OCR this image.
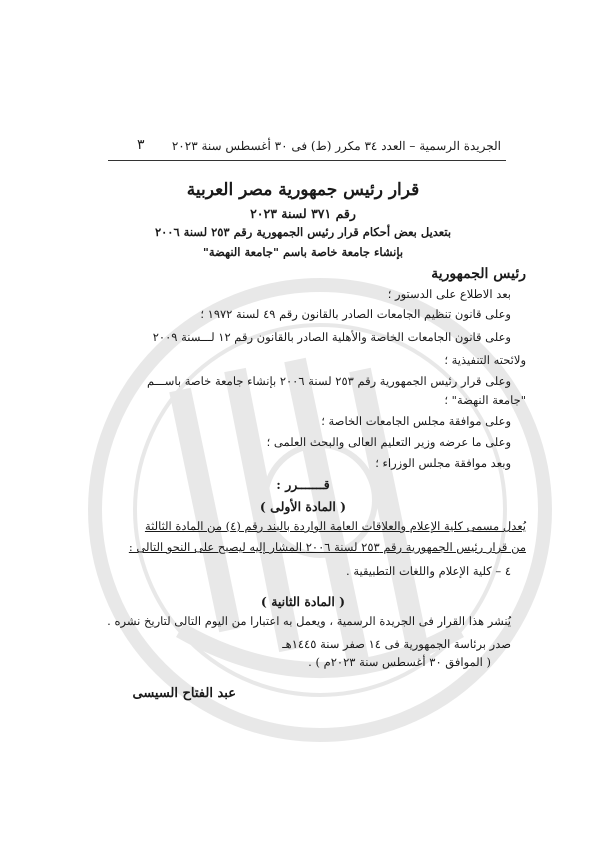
٣ الجريدة الرسمية – العدد ٣٤ مكرر (ط) فى ٣٠ أغسطس سنة ٢٠٢٣
قرار رئيس جمهورية مصر العربية
رقم ٣٧١ لسنة ٢٠٢٣
بتعديل بعض أحكام قرار رئيس الجمهورية رقم ٢٥٣ لسنة ٢٠٠٦
بإنشاء جامعة خاصة باسم "جامعة النهضة"
رئيس الجمهورية
بعد الاطلاع على الدستور ؛
وعلى قانون تنظيم الجامعات الصادر بالقانون رقم ٤٩ لسنة ١٩٧٢ ؛
وعلى قانون الجامعات الخاصة والأهلية الصادر بالقانون رقم ١٢ لـــسنة ٢٠٠٩
ولائحته التنفيذية ؛
وعلى قرار رئيس الجمهورية رقم ٢٥٣ لسنة ٢٠٠٦ بإنشاء جامعة خاصة باســـم
"جامعة النهضة" ؛
وعلى موافقة مجلس الجامعات الخاصة ؛
وعلى ما عرضه وزير التعليم العالى والبحث العلمى ؛
وبعد موافقة مجلس الوزراء ؛
قـــــــرر :
( المادة الأولى )
يُعدل مسمى كلية الإعلام والعلاقات العامة الواردة بالبند رقم (٤) من المادة الثالثة
من قرار رئيس الجمهورية رقم ٢٥٣ لسنة ٢٠٠٦ المشار إليه ليصبح على النحو التالى :
٤ – كلية الإعلام واللغات التطبيقية .
( المادة الثانية )
يُنشر هذا القرار فى الجريدة الرسمية ، ويعمل به اعتبارا من اليوم التالى لتاريخ نشره .
صدر برئاسة الجمهورية فى ١٤ صفر سنة ١٤٤٥هـ
( الموافق ٣٠ أغسطس سنة ٢٠٢٣م ) .
عبد الفتاح السيسى
